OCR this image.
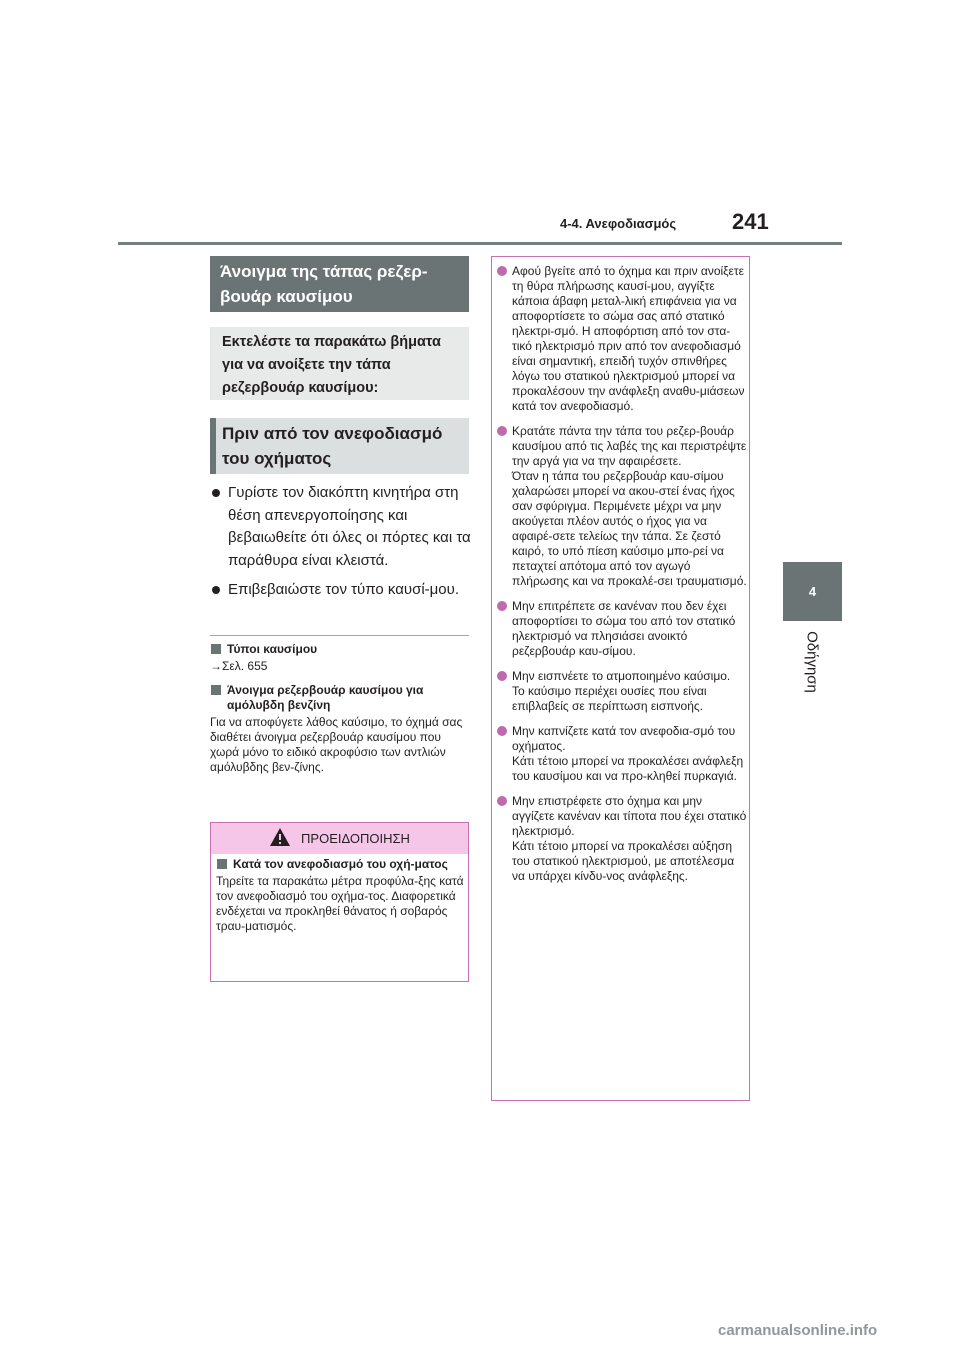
4-4. Ανεφοδιασμός	241
4
Οδήγηση
Άνοιγμα της τάπας ρεζερ-βουάρ καυσίμου
Εκτελέστε τα παρακάτω βήματα για να ανοίξετε την τάπα ρεζερβουάρ καυσίμου:
Πριν από τον ανεφοδιασμό του οχήματος
Γυρίστε τον διακόπτη κινητήρα στη θέση απενεργοποίησης και βεβαιωθείτε ότι όλες οι πόρτες και τα παράθυρα είναι κλειστά.
Επιβεβαιώστε τον τύπο καυσί-μου.
Τύποι καυσίμου
→Σελ. 655
Άνοιγμα ρεζερβουάρ καυσίμου για αμόλυβδη βενζίνη
Για να αποφύγετε λάθος καύσιμο, το όχημά σας διαθέτει άνοιγμα ρεζερβουάρ καυσίμου που χωρά μόνο το ειδικό ακροφύσιο των αντλιών αμόλυβδης βεν-ζίνης.
ΠΡΟΕΙΔΟΠΟΙΗΣΗ
Κατά τον ανεφοδιασμό του οχή-ματος
Τηρείτε τα παρακάτω μέτρα προφύλα-ξης κατά τον ανεφοδιασμό του οχήμα-τος. Διαφορετικά ενδέχεται να προκληθεί θάνατος ή σοβαρός τραυ-ματισμός.
Αφού βγείτε από το όχημα και πριν ανοίξετε τη θύρα πλήρωσης καυσί-μου, αγγίξτε κάποια άβαφη μεταλ-λική επιφάνεια για να αποφορτίσετε το σώμα σας από στατικό ηλεκτρι-σμό. Η αποφόρτιση από τον στα-τικό ηλεκτρισμό πριν από τον ανεφοδιασμό είναι σημαντική, επειδή τυχόν σπινθήρες λόγω του στατικού ηλεκτρισμού μπορεί να προκαλέσουν την ανάφλεξη αναθυ-μιάσεων κατά τον ανεφοδιασμό.
Κρατάτε πάντα την τάπα του ρεζερ-βουάρ καυσίμου από τις λαβές της και περιστρέψτε την αργά για να την αφαιρέσετε.
Όταν η τάπα του ρεζερβουάρ καυ-σίμου χαλαρώσει μπορεί να ακου-στεί ένας ήχος σαν σφύριγμα. Περιμένετε μέχρι να μην ακούγεται πλέον αυτός ο ήχος για να αφαιρέ-σετε τελείως την τάπα. Σε ζεστό καιρό, το υπό πίεση καύσιμο μπο-ρεί να πεταχτεί απότομα από τον αγωγό πλήρωσης και να προκαλέ-σει τραυματισμό.
Μην επιτρέπετε σε κανέναν που δεν έχει αποφορτίσει το σώμα του από τον στατικό ηλεκτρισμό να πλησιάσει ανοικτό ρεζερβουάρ καυ-σίμου.
Μην εισπνέετε το ατμοποιημένο καύσιμο.
Το καύσιμο περιέχει ουσίες που είναι επιβλαβείς σε περίπτωση εισπνοής.
Μην καπνίζετε κατά τον ανεφοδια-σμό του οχήματος.
Κάτι τέτοιο μπορεί να προκαλέσει ανάφλεξη του καυσίμου και να προ-κληθεί πυρκαγιά.
Μην επιστρέφετε στο όχημα και μην αγγίζετε κανέναν και τίποτα που έχει στατικό ηλεκτρισμό.
Κάτι τέτοιο μπορεί να προκαλέσει αύξηση του στατικού ηλεκτρισμού, με αποτέλεσμα να υπάρχει κίνδυ-νος ανάφλεξης.
carmanualsonline.info
